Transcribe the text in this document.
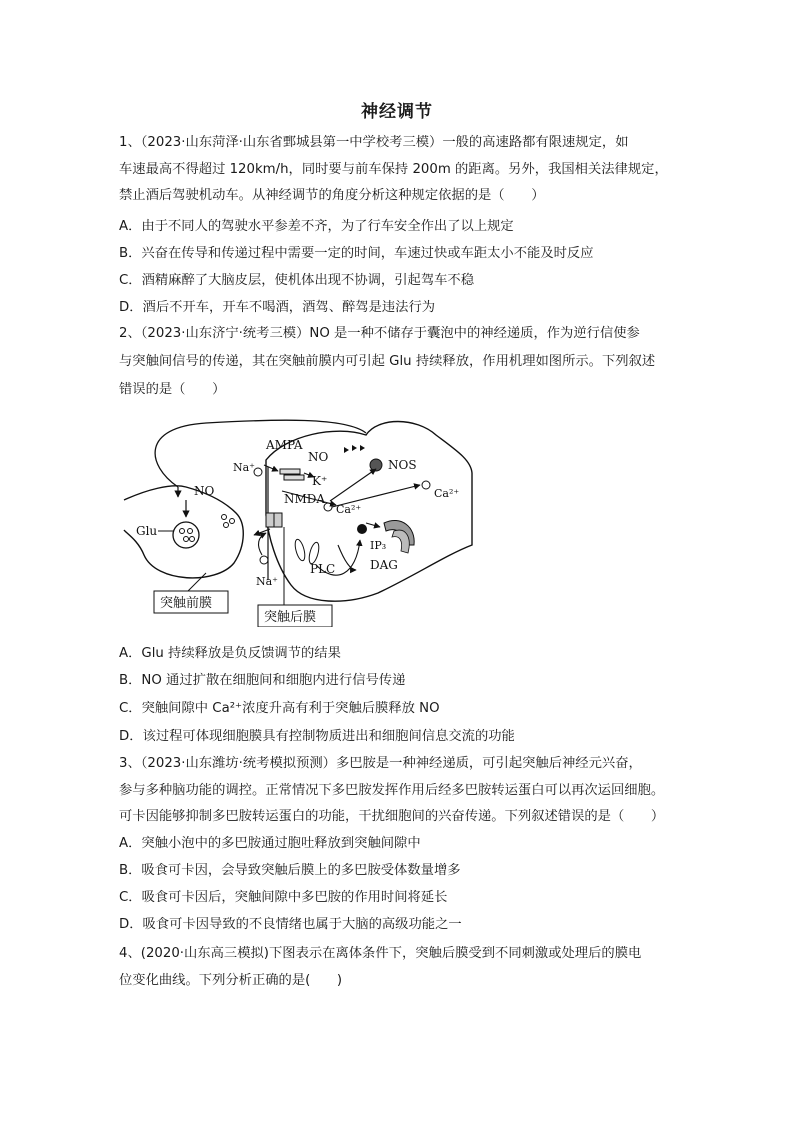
神经调节
1、（2023·山东菏泽·山东省鄄城县第一中学校考三模）一般的高速路都有限速规定，如
车速最高不得超过 120km/h，同时要与前车保持 200m 的距离。另外，我国相关法律规定，
禁止酒后驾驶机动车。从神经调节的角度分析这种规定依据的是（　　）
A．由于不同人的驾驶水平参差不齐，为了行车安全作出了以上规定
B．兴奋在传导和传递过程中需要一定的时间，车速过快或车距太小不能及时反应
C．酒精麻醉了大脑皮层，使机体出现不协调，引起驾车不稳
D．酒后不开车，开车不喝酒，酒驾、醉驾是违法行为
2、（2023·山东济宁·统考三模）NO 是一种不储存于囊泡中的神经递质，作为逆行信使参
与突触间信号的传递，其在突触前膜内可引起 Glu 持续释放，作用机理如图所示。下列叙述
错误的是（　　）
AMPA
Na⁺
NO
K⁺
NOS
NO
NMDA
Ca²⁺
Ca²⁺
Glu
IP₃
PLC	DAG
Na⁺
突触前膜
突触后膜
A．Glu 持续释放是负反馈调节的结果
B．NO 通过扩散在细胞间和细胞内进行信号传递
C．突触间隙中 Ca²⁺浓度升高有利于突触后膜释放 NO
D．该过程可体现细胞膜具有控制物质进出和细胞间信息交流的功能
3、（2023·山东潍坊·统考模拟预测）多巴胺是一种神经递质，可引起突触后神经元兴奋，
参与多种脑功能的调控。正常情况下多巴胺发挥作用后经多巴胺转运蛋白可以再次运回细胞。
可卡因能够抑制多巴胺转运蛋白的功能，干扰细胞间的兴奋传递。下列叙述错误的是（　　）
A．突触小泡中的多巴胺通过胞吐释放到突触间隙中
B．吸食可卡因，会导致突触后膜上的多巴胺受体数量增多
C．吸食可卡因后，突触间隙中多巴胺的作用时间将延长
D．吸食可卡因导致的不良情绪也属于大脑的高级功能之一
4、(2020·山东高三模拟)下图表示在离体条件下，突触后膜受到不同刺激或处理后的膜电
位变化曲线。下列分析正确的是(　　)
